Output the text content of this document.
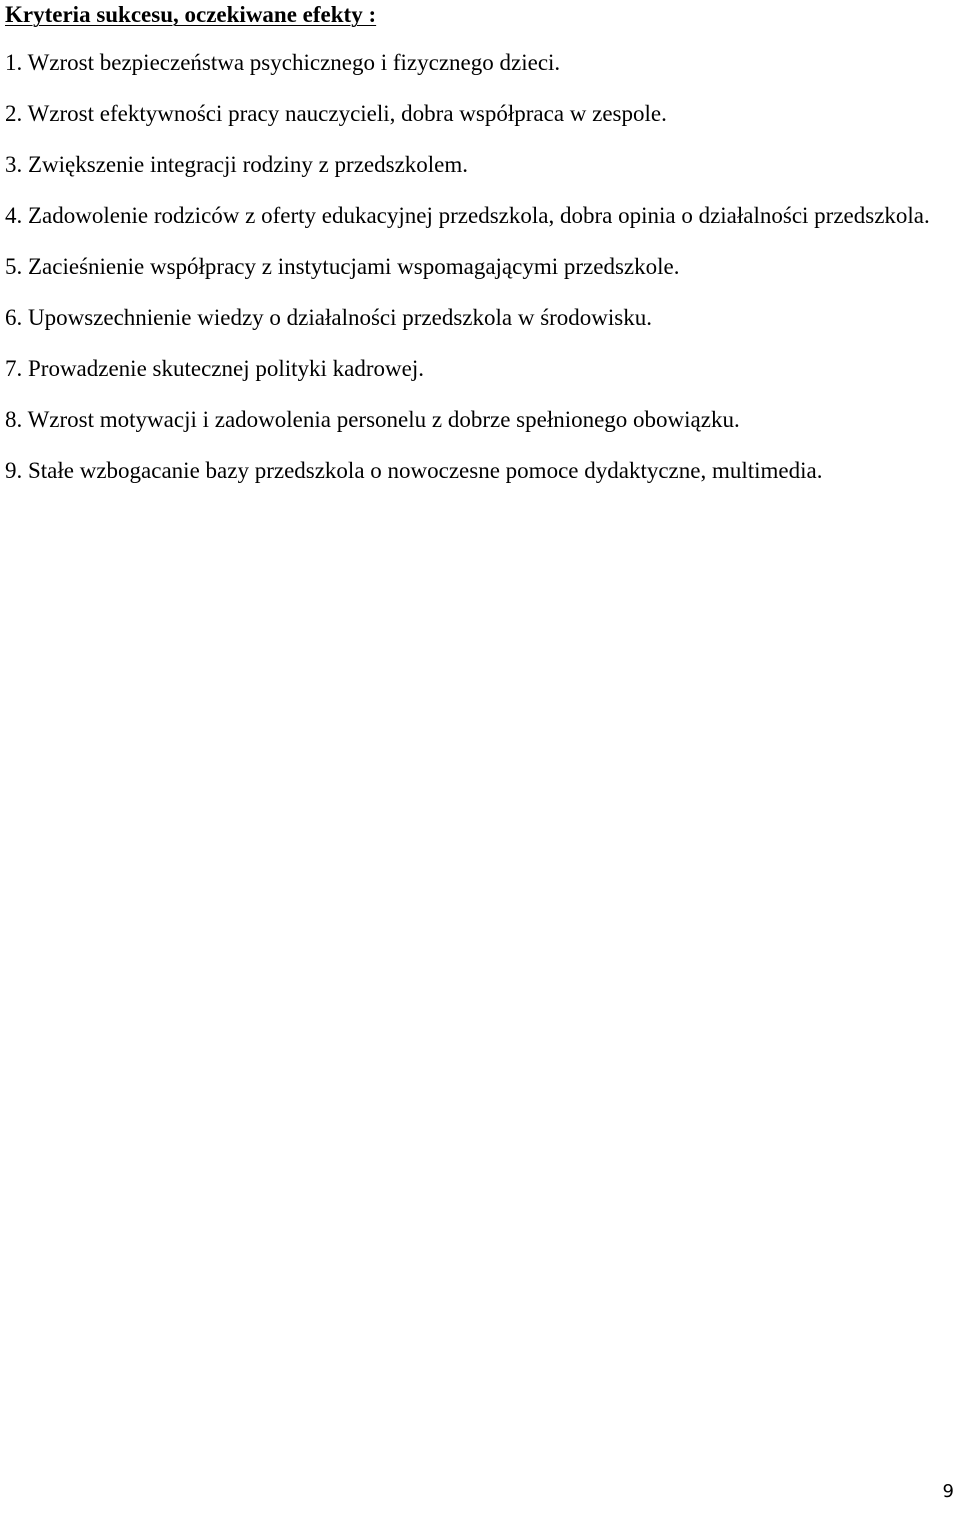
Kryteria sukcesu, oczekiwane efekty :

1. Wzrost bezpieczeństwa psychicznego i fizycznego dzieci.

2. Wzrost efektywności pracy nauczycieli, dobra współpraca w zespole.

3. Zwiększenie integracji rodziny z przedszkolem.

4. Zadowolenie rodziców z oferty edukacyjnej przedszkola, dobra opinia o działalności przedszkola.

5. Zacieśnienie współpracy z instytucjami wspomagającymi przedszkole.

6. Upowszechnienie wiedzy o działalności przedszkola w środowisku.

7. Prowadzenie skutecznej polityki kadrowej.

8. Wzrost motywacji i zadowolenia personelu z dobrze spełnionego obowiązku.

9. Stałe wzbogacanie bazy przedszkola o nowoczesne pomoce dydaktyczne, multimedia.

9
